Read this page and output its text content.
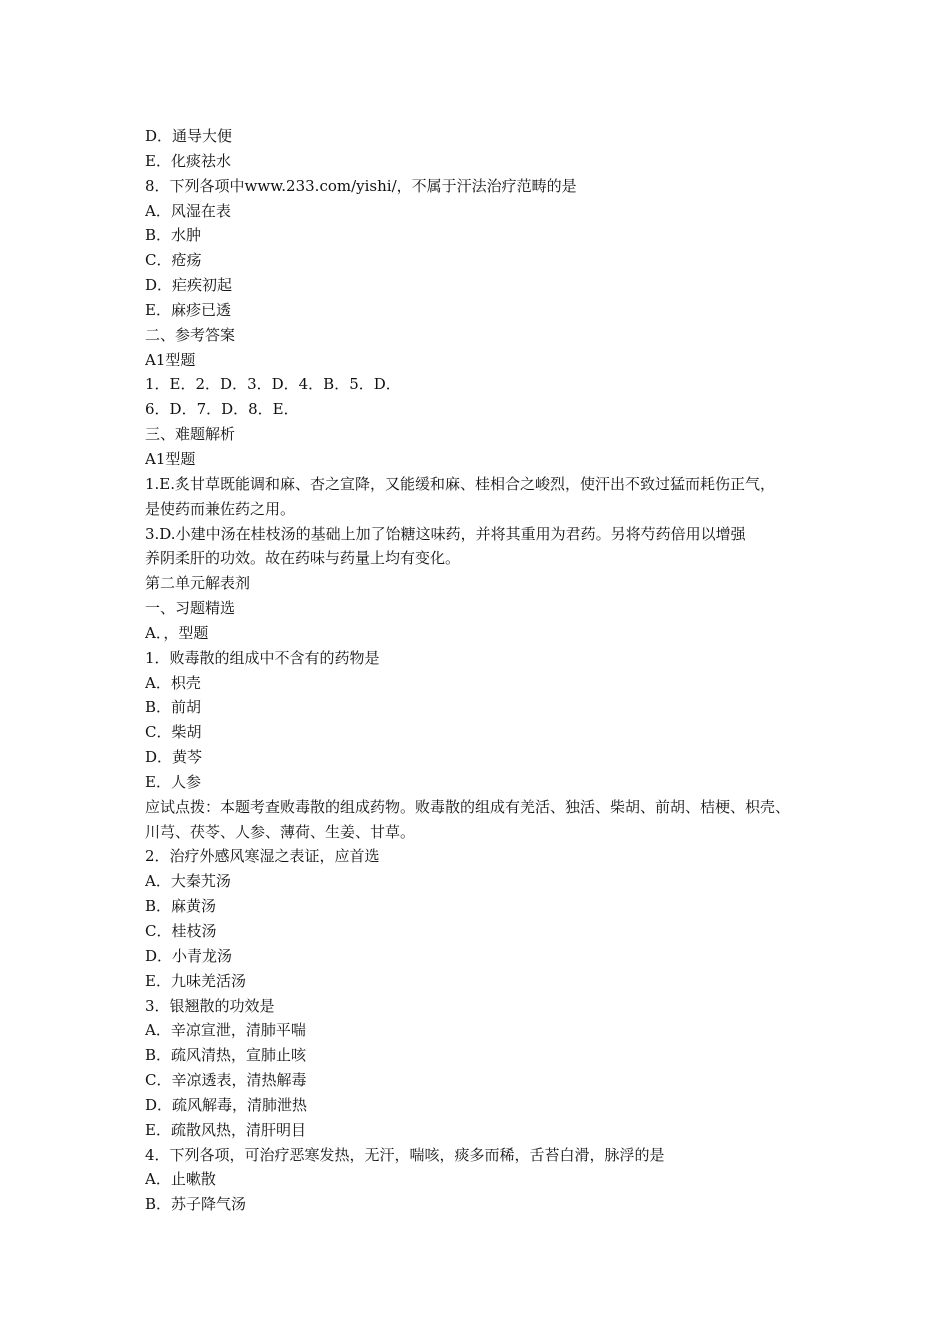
D．通导大便
E．化痰祛水
8．下列各项中www.233.com/yishi/，不属于汗法治疗范畴的是
A．风湿在表
B．水肿
C．疮疡
D．疟疾初起
E．麻疹已透
二、参考答案
A1型题
1．E．2．D．3．D．4．B．5．D．
6．D．7．D．8．E．
三、难题解析
A1型题
1.E.炙甘草既能调和麻、杏之宣降，又能缓和麻、桂相合之峻烈，使汗出不致过猛而耗伤正气，
是使药而兼佐药之用。
3.D.小建中汤在桂枝汤的基础上加了饴糖这味药，并将其重用为君药。另将芍药倍用以增强
养阴柔肝的功效。故在药味与药量上均有变化。
第二单元解表剂
一、习题精选
A．，型题
1．败毒散的组成中不含有的药物是
A．枳壳
B．前胡
C．柴胡
D．黄芩
E．人参
应试点拨：本题考查败毒散的组成药物。败毒散的组成有羌活、独活、柴胡、前胡、桔梗、枳壳、
川芎、茯苓、人参、薄荷、生姜、甘草。
2．治疗外感风寒湿之表证，应首选
A．大秦艽汤
B．麻黄汤
C．桂枝汤
D．小青龙汤
E．九味羌活汤
3．银翘散的功效是
A．辛凉宣泄，清肺平喘
B．疏风清热，宣肺止咳
C．辛凉透表，清热解毒
D．疏风解毒，清肺泄热
E．疏散风热，清肝明目
4．下列各项，可治疗恶寒发热，无汗，喘咳，痰多而稀，舌苔白滑，脉浮的是
A．止嗽散
B．苏子降气汤
